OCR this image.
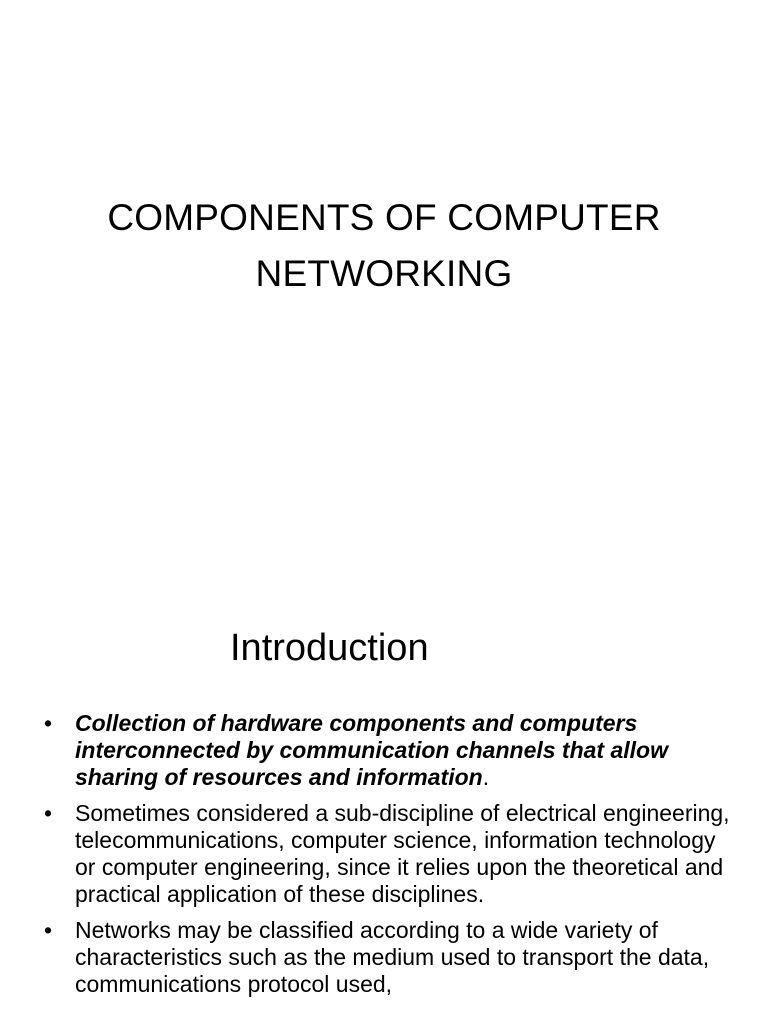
COMPONENTS OF COMPUTER
NETWORKING
Introduction
• Collection of hardware components and computers interconnected by communication channels that allow sharing of resources and information.
• Sometimes considered a sub-discipline of electrical engineering, telecommunications, computer science, information technology or computer engineering, since it relies upon the theoretical and practical application of these disciplines.
• Networks may be classified according to a wide variety of characteristics such as the medium used to transport the data, communications protocol used,
